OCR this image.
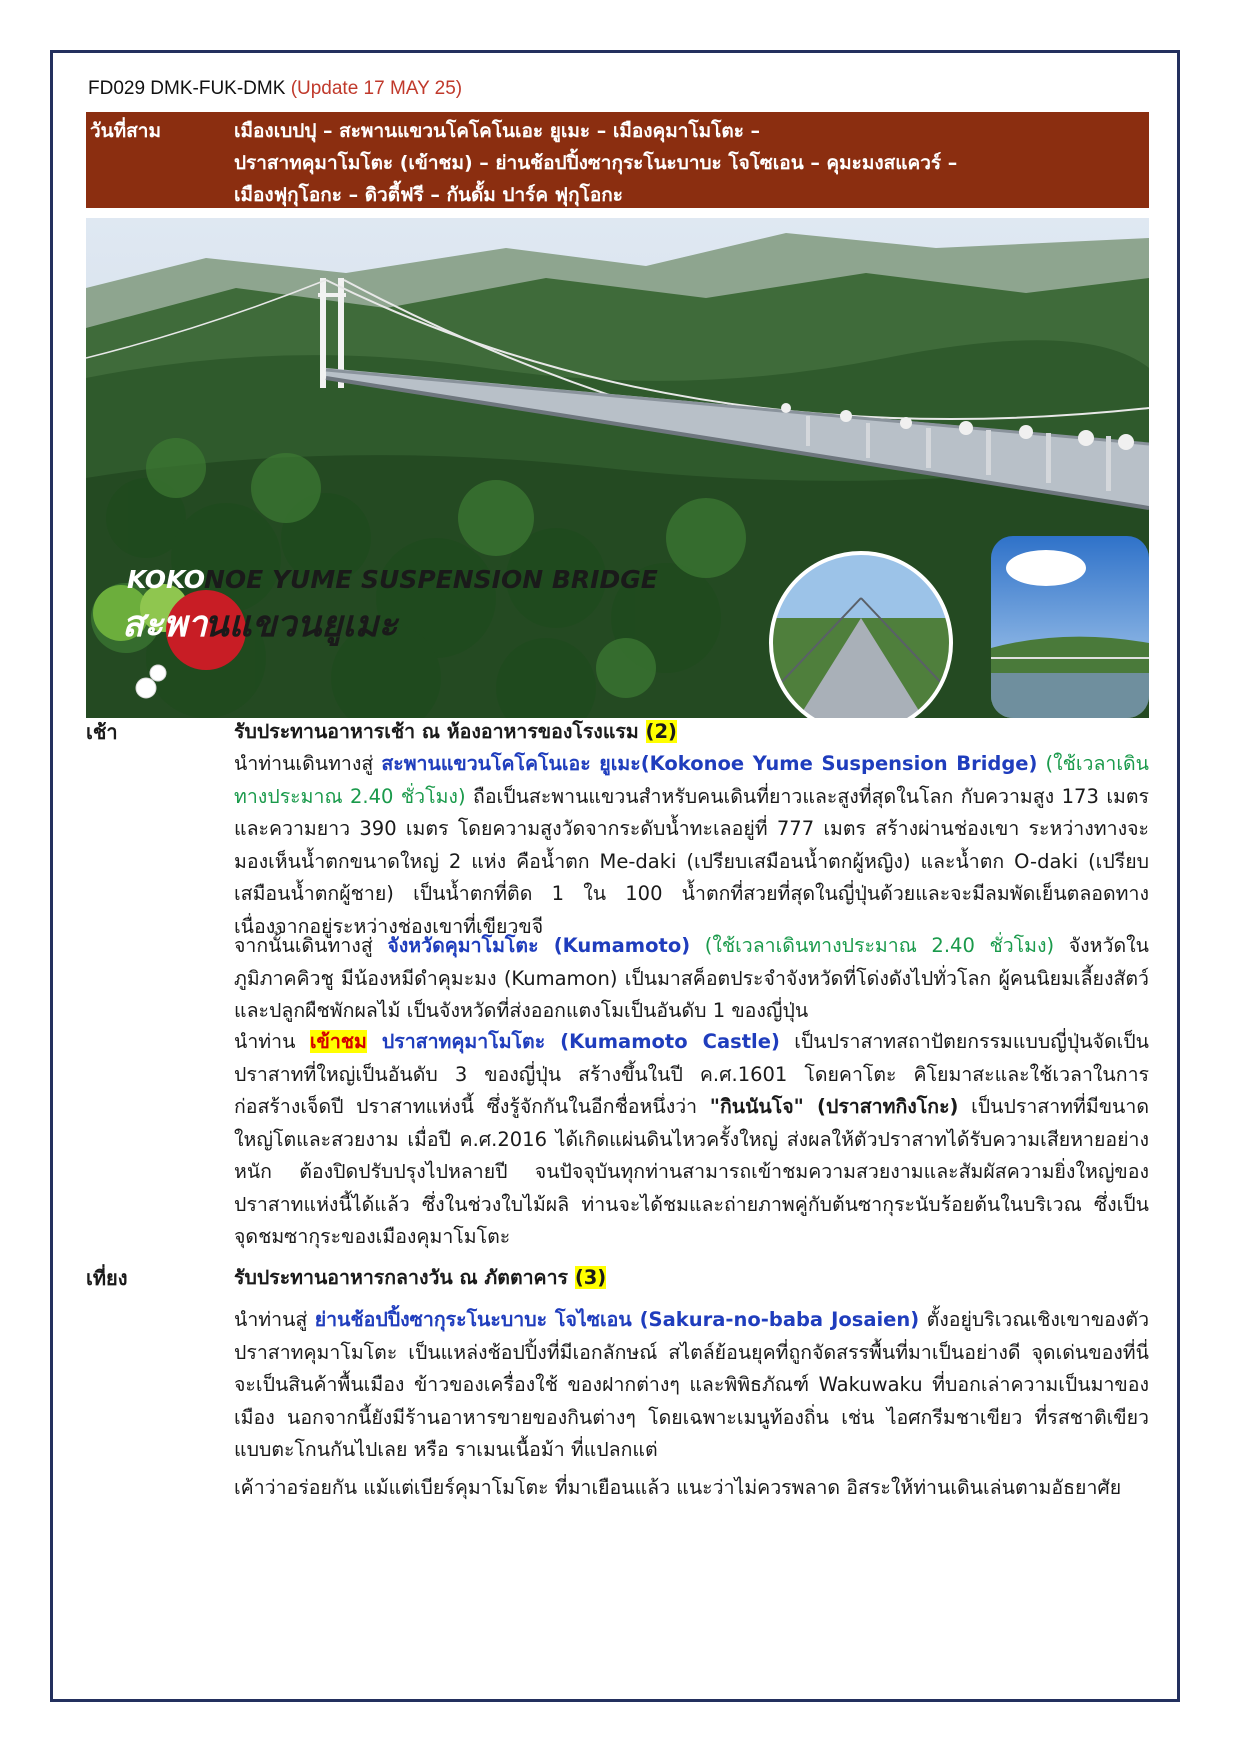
FD029 DMK-FUK-DMK (Update 17 MAY 25)
วันที่สาม	เมืองเบปปุ – สะพานแขวนโคโคโนเอะ ยูเมะ – เมืองคุมาโมโตะ –
ปราสาทคุมาโมโตะ (เข้าชม) – ย่านช้อปปิ้งซากุระโนะบาบะ โจโซเอน – คุมะมงสแควร์ –
เมืองฟุกุโอกะ – ดิวตี้ฟรี – กันดั้ม ปาร์ค ฟุกุโอกะ
KOKO
NOE YUME SUSPENSION BRIDGE
สะพา
นแขวนยูเมะ
เช้า	รับประทานอาหารเช้า ณ ห้องอาหารของโรงแรม (2)
นำท่านเดินทางสู่ สะพานแขวนโคโคโนเอะ ยูเมะ(Kokonoe Yume Suspension Bridge) (ใช้เวลาเดินทางประมาณ 2.40 ชั่วโมง) ถือเป็นสะพานแขวนสำหรับคนเดินที่ยาวและสูงที่สุดในโลก กับความสูง 173 เมตร และความยาว 390 เมตร โดยความสูงวัดจากระดับน้ำทะเลอยู่ที่ 777 เมตร สร้างผ่านช่องเขา ระหว่างทางจะมองเห็นน้ำตกขนาดใหญ่ 2 แห่ง คือน้ำตก Me-daki (เปรียบเสมือนน้ำตกผู้หญิง) และน้ำตก O-daki (เปรียบเสมือนน้ำตกผู้ชาย) เป็นน้ำตกที่ติด 1 ใน 100 น้ำตกที่สวยที่สุดในญี่ปุ่นด้วยและจะมีลมพัดเย็นตลอดทางเนื่องจากอยู่ระหว่างช่องเขาที่เขียวขจี
จากนั้นเดินทางสู่ จังหวัดคุมาโมโตะ (Kumamoto) (ใช้เวลาเดินทางประมาณ 2.40 ชั่วโมง) จังหวัดในภูมิภาคคิวชู มีน้องหมีดำคุมะมง (Kumamon) เป็นมาสค็อตประจำจังหวัดที่โด่งดังไปทั่วโลก ผู้คนนิยมเลี้ยงสัตว์และปลูกผืชพักผลไม้ เป็นจังหวัดที่ส่งออกแตงโมเป็นอันดับ 1 ของญี่ปุ่น
นำท่าน เข้าชม ปราสาทคุมาโมโตะ (Kumamoto Castle) เป็นปราสาทสถาปัตยกรรมแบบญี่ปุ่นจัดเป็นปราสาทที่ใหญ่เป็นอันดับ 3 ของญี่ปุ่น สร้างขึ้นในปี ค.ศ.1601 โดยคาโตะ คิโยมาสะและใช้เวลาในการก่อสร้างเจ็ดปี ปราสาทแห่งนี้ ซึ่งรู้จักกันในอีกชื่อหนึ่งว่า "กินนันโจ" (ปราสาทกิงโกะ) เป็นปราสาทที่มีขนาดใหญ่โตและสวยงาม เมื่อปี ค.ศ.2016 ได้เกิดแผ่นดินไหวครั้งใหญ่ ส่งผลให้ตัวปราสาทได้รับความเสียหายอย่างหนัก ต้องปิดปรับปรุงไปหลายปี จนปัจจุบันทุกท่านสามารถเข้าชมความสวยงามและสัมผัสความยิ่งใหญ่ของปราสาทแห่งนี้ได้แล้ว ซึ่งในช่วงใบไม้ผลิ ท่านจะได้ชมและถ่ายภาพคู่กับต้นซากุระนับร้อยต้นในบริเวณ ซึ่งเป็นจุดชมซากุระของเมืองคุมาโมโตะ
เที่ยง	รับประทานอาหารกลางวัน ณ ภัตตาคาร (3)
นำท่านสู่ ย่านช้อปปิ้งซากุระโนะบาบะ โจไซเอน (Sakura-no-baba Josaien) ตั้งอยู่บริเวณเชิงเขาของตัวปราสาทคุมาโมโตะ เป็นแหล่งช้อปปิ้งที่มีเอกลักษณ์ สไตล์ย้อนยุคที่ถูกจัดสรรพื้นที่มาเป็นอย่างดี จุดเด่นของที่นี่จะเป็นสินค้าพื้นเมือง ข้าวของเครื่องใช้ ของฝากต่างๆ และพิพิธภัณฑ์ Wakuwaku ที่บอกเล่าความเป็นมาของเมือง นอกจากนี้ยังมีร้านอาหารขายของกินต่างๆ โดยเฉพาะเมนูท้องถิ่น เช่น ไอศกรีมชาเขียว ที่รสชาติเขียวแบบตะโกนกันไปเลย หรือ ราเมนเนื้อม้า ที่แปลกแต่
เค้าว่าอร่อยกัน แม้แต่เบียร์คุมาโมโตะ ที่มาเยือนแล้ว แนะว่าไม่ควรพลาด อิสระให้ท่านเดินเล่นตามอัธยาศัย
